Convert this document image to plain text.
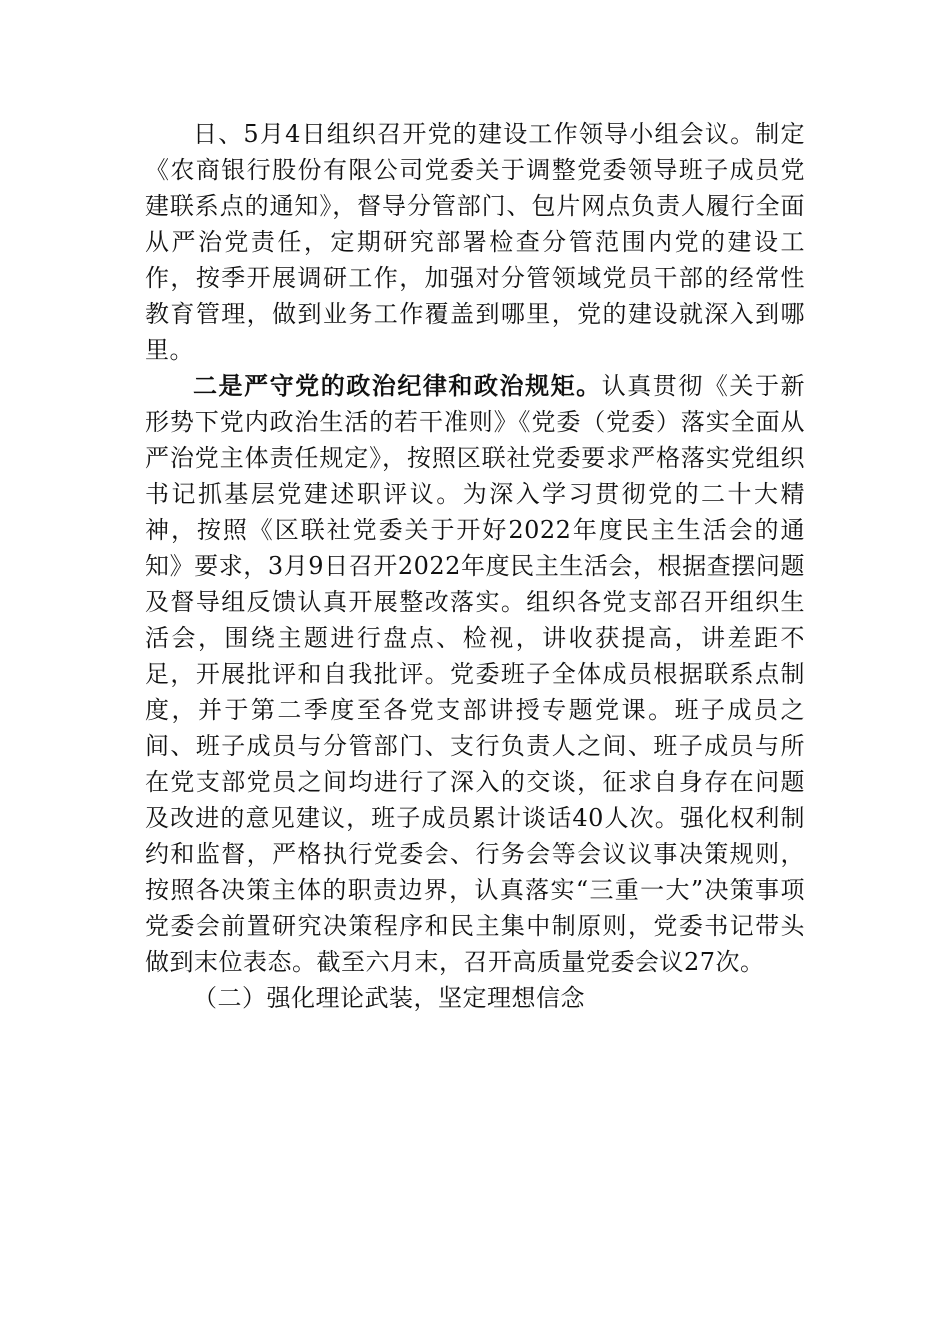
日、5月4日组织召开党的建设工作领导小组会议。制定《农商银行股份有限公司党委关于调整党委领导班子成员党建联系点的通知》，督导分管部门、包片网点负责人履行全面从严治党责任，定期研究部署检查分管范围内党的建设工作，按季开展调研工作，加强对分管领域党员干部的经常性教育管理，做到业务工作覆盖到哪里，党的建设就深入到哪里。

二是严守党的政治纪律和政治规矩。认真贯彻《关于新形势下党内政治生活的若干准则》《党委（党委）落实全面从严治党主体责任规定》，按照区联社党委要求严格落实党组织书记抓基层党建述职评议。为深入学习贯彻党的二十大精神，按照《区联社党委关于开好2022年度民主生活会的通知》要求，3月9日召开2022年度民主生活会，根据查摆问题及督导组反馈认真开展整改落实。组织各党支部召开组织生活会，围绕主题进行盘点、检视，讲收获提高，讲差距不足，开展批评和自我批评。党委班子全体成员根据联系点制度，并于第二季度至各党支部讲授专题党课。班子成员之间、班子成员与分管部门、支行负责人之间、班子成员与所在党支部党员之间均进行了深入的交谈，征求自身存在问题及改进的意见建议，班子成员累计谈话40人次。强化权利制约和监督，严格执行党委会、行务会等会议议事决策规则，按照各决策主体的职责边界，认真落实“三重一大”决策事项党委会前置研究决策程序和民主集中制原则，党委书记带头做到末位表态。截至六月末，召开高质量党委会议27次。

（二）强化理论武装，坚定理想信念
